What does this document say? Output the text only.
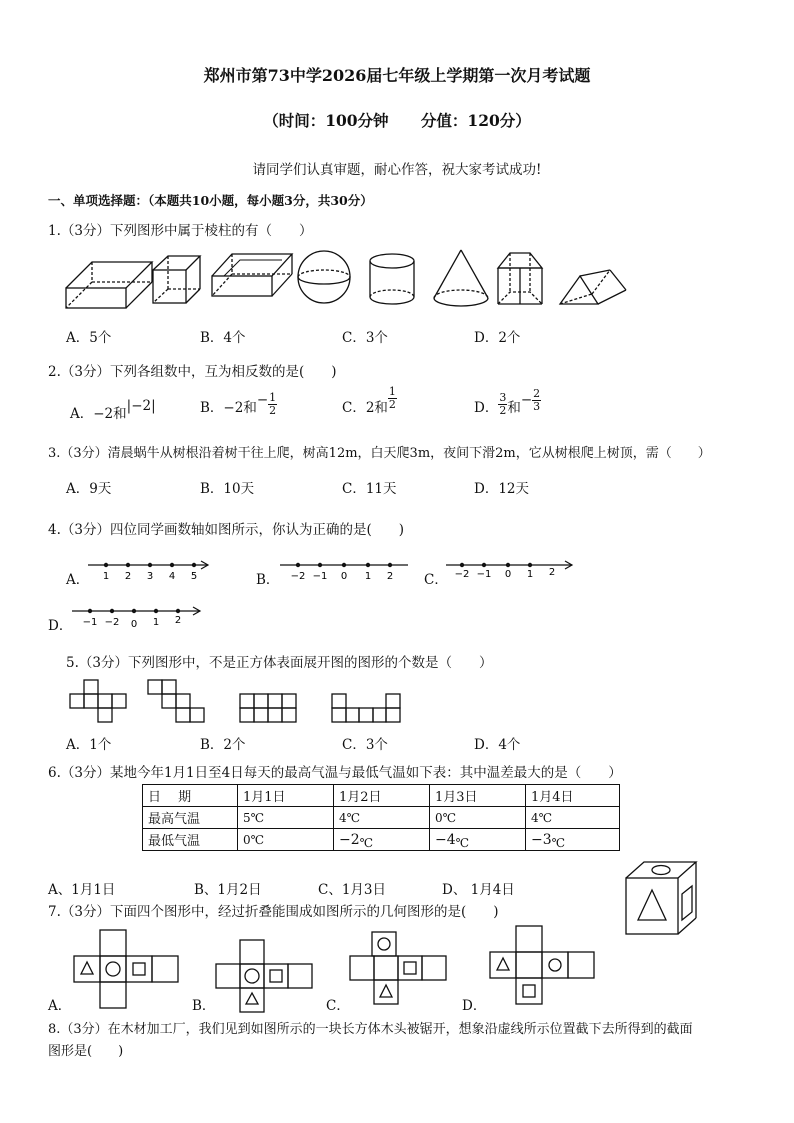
郑州市第73中学2026届七年级上学期第一次月考试题
（时间：100分钟      分值：120分）
请同学们认真审题，耐心作答，祝大家考试成功!
一、单项选择题：（本题共10小题，每小题3分，共30分）
1.（3分）下列图形中属于棱柱的有（　　）
A．5个	B．4个	C．3个	D．2个
2.（3分）下列各组数中，互为相反数的是(　　)
A．−2和|−2|	B．−2和− $\frac{1}{2}$	C．2和 $\frac{1}{2}$	D． $\frac{3}{2}$ 和− $\frac{2}{3}$
3.（3分）清晨蜗牛从树根沿着树干往上爬，树高12m，白天爬3m，夜间下滑2m，它从树根爬上树顶，需（　　）
A．9天	B．10天	C．11天	D．12天
4.（3分）四位同学画数轴如图所示，你认为正确的是(　　)
A．	B．	C．
D．
1 2 3 4 5	−2 −1 0 1 2	−2 −1 0 1 2
−1 −2 0 1 2
5.（3分）下列图形中，不是正方体表面展开图的图形的个数是（　　）
A．1个	B．2个	C．3个	D．4个
6.（3分）某地今年1月1日至4日每天的最高气温与最低气温如下表：其中温差最大的是（　　）
日　 期	1月1日	1月2日	1月3日	1月4日
最高气温	5℃	4℃	0℃	4℃
最低气温	0℃	−2℃	−4℃	−3℃
A、1月1日	B、1月2日	C、1月3日	D、 1月4日
7.（3分）下面四个图形中，经过折叠能围成如图所示的几何图形的是(　　)
A．	B．	C．	D．
8.（3分）在木材加工厂，我们见到如图所示的一块长方体木头被锯开，想象沿虚线所示位置截下去所得到的截面
图形是(　　)
